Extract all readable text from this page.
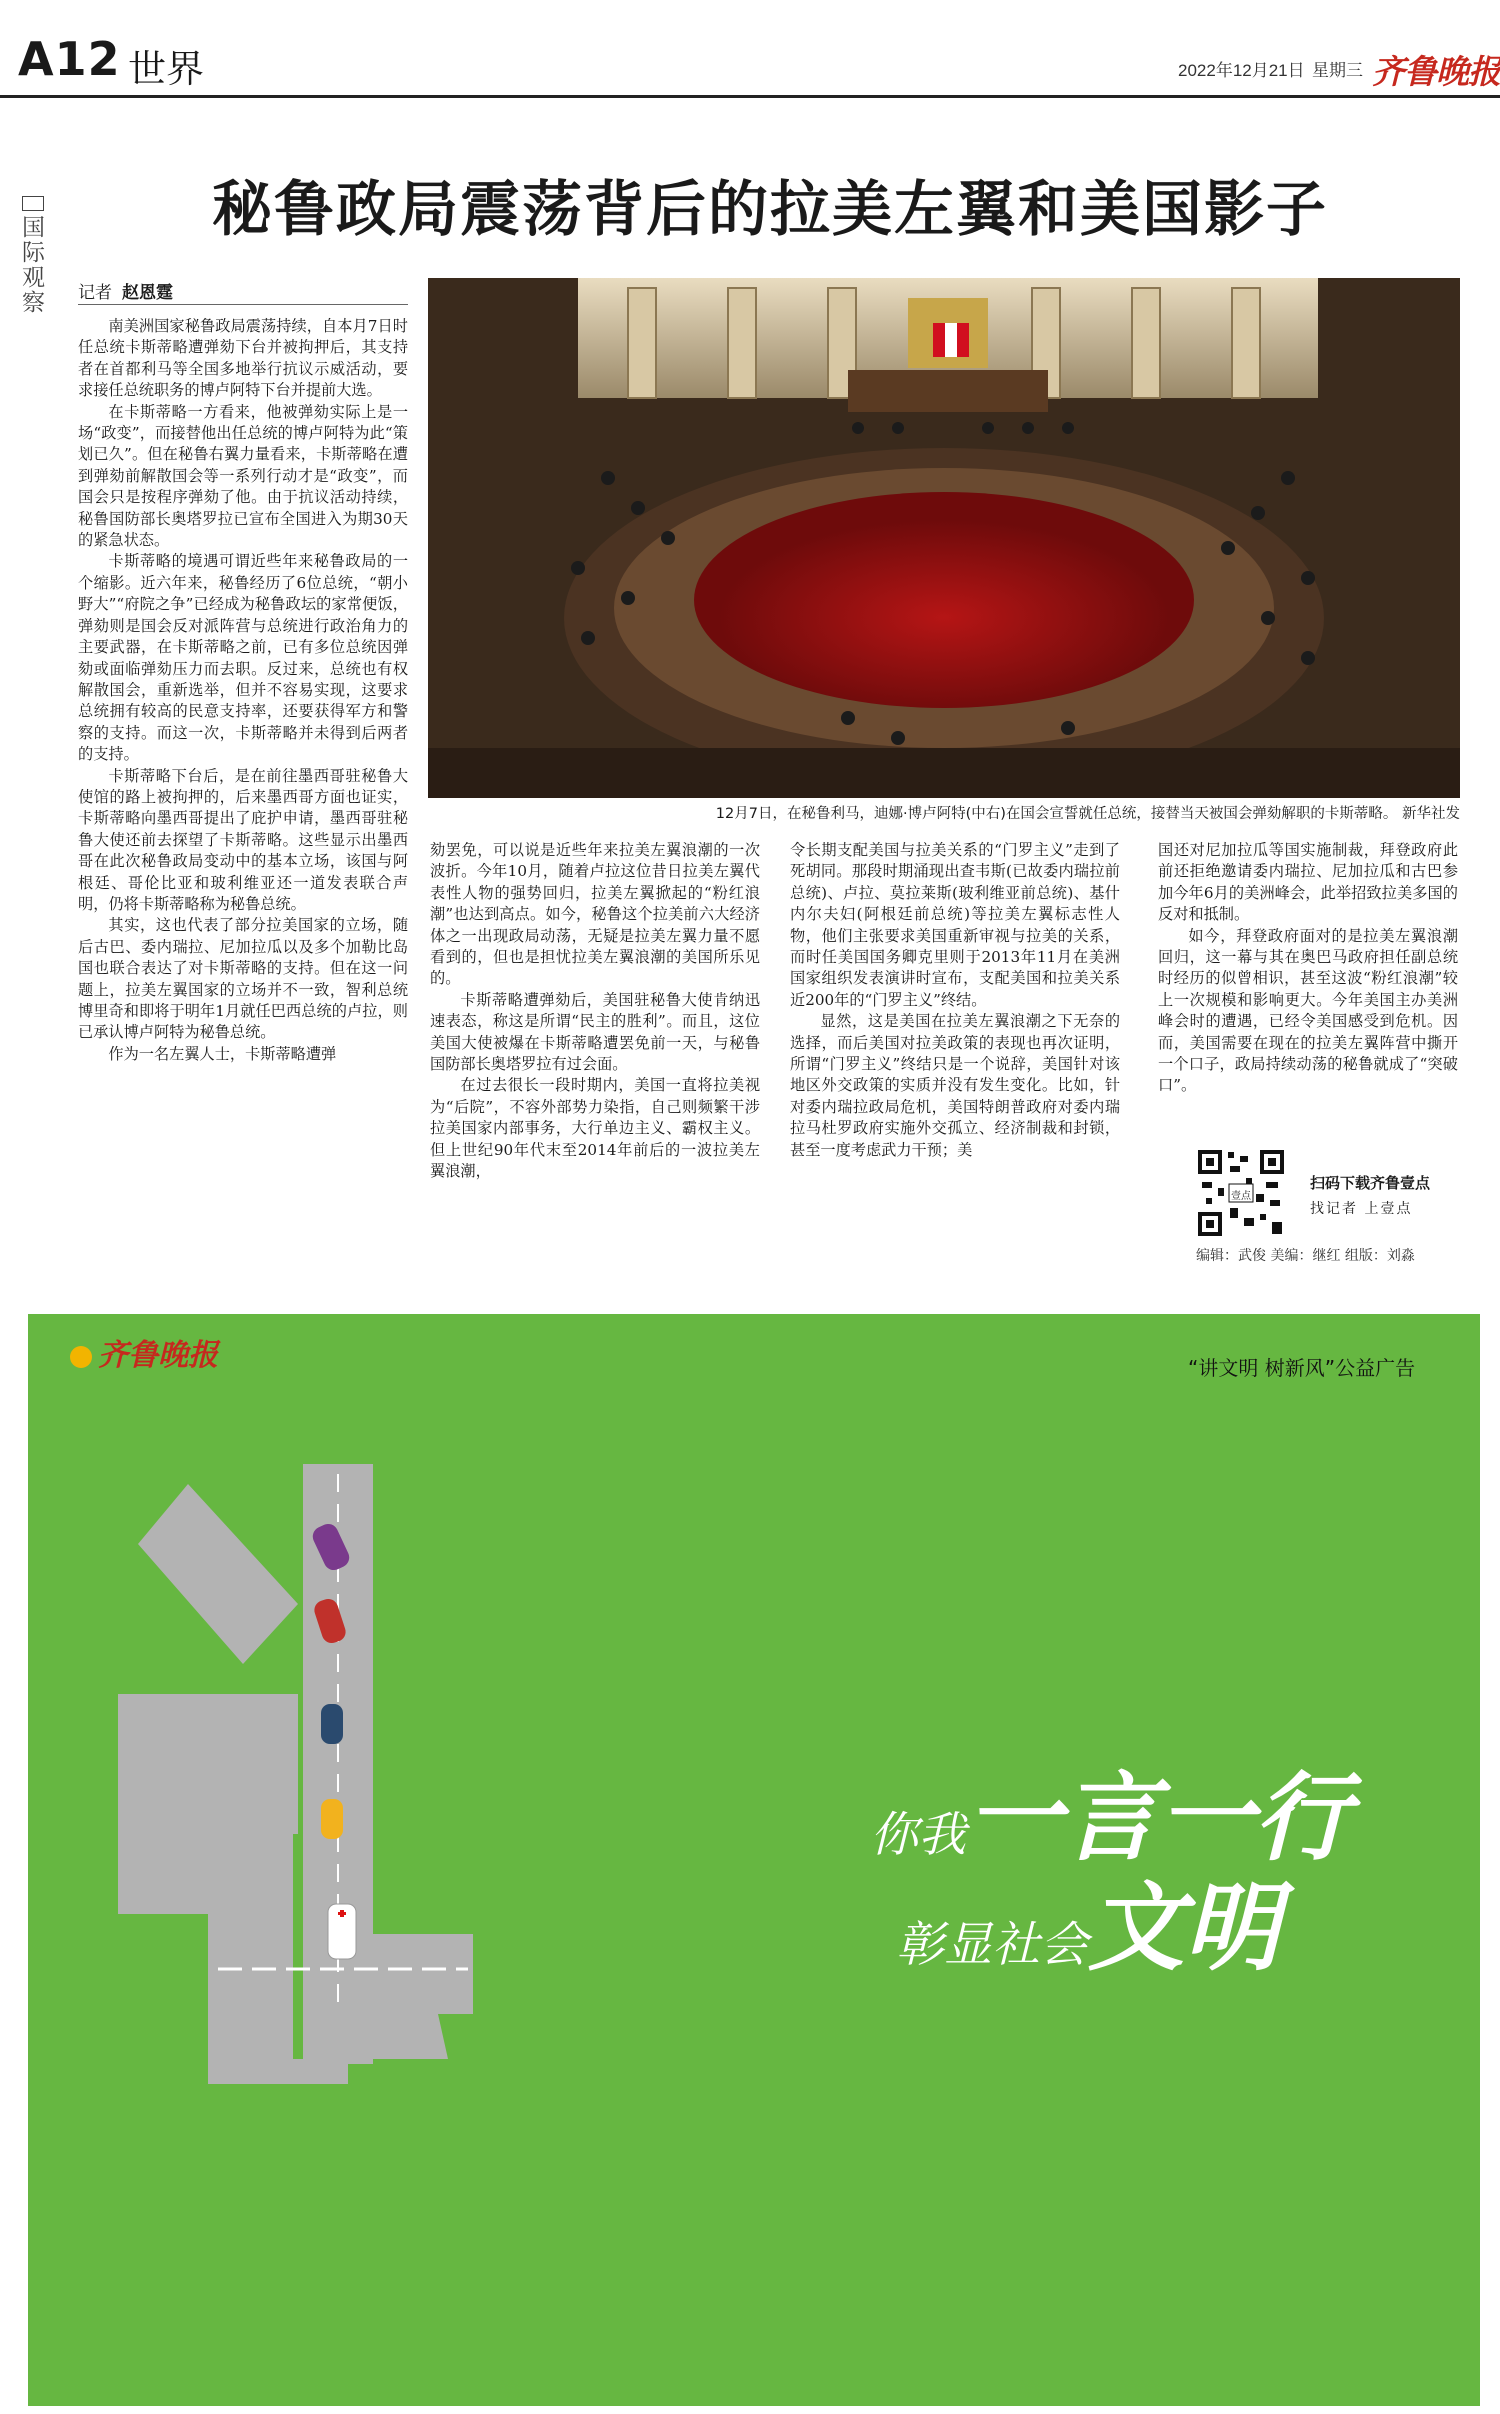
A12 世界	2022年12月21日 星期三 齐鲁晚报
国际观察
秘鲁政局震荡背后的拉美左翼和美国影子
记者 赵恩霆
12月7日，在秘鲁利马，迪娜·博卢阿特(中右)在国会宣誓就任总统，接替当天被国会弹劾解职的卡斯蒂略。 新华社发

南美洲国家秘鲁政局震荡持续，自本月7日时任总统卡斯蒂略遭弹劾下台并被拘押后，其支持者在首都利马等全国多地举行抗议示威活动，要求接任总统职务的博卢阿特下台并提前大选。

在卡斯蒂略一方看来，他被弹劾实际上是一场“政变”，而接替他出任总统的博卢阿特为此“策划已久”。但在秘鲁右翼力量看来，卡斯蒂略在遭到弹劾前解散国会等一系列行动才是“政变”，而国会只是按程序弹劾了他。由于抗议活动持续，秘鲁国防部长奥塔罗拉已宣布全国进入为期30天的紧急状态。

卡斯蒂略的境遇可谓近些年来秘鲁政局的一个缩影。近六年来，秘鲁经历了6位总统，“朝小野大”“府院之争”已经成为秘鲁政坛的家常便饭，弹劾则是国会反对派阵营与总统进行政治角力的主要武器，在卡斯蒂略之前，已有多位总统因弹劾或面临弹劾压力而去职。反过来，总统也有权解散国会，重新选举，但并不容易实现，这要求总统拥有较高的民意支持率，还要获得军方和警察的支持。而这一次，卡斯蒂略并未得到后两者的支持。

卡斯蒂略下台后，是在前往墨西哥驻秘鲁大使馆的路上被拘押的，后来墨西哥方面也证实，卡斯蒂略向墨西哥提出了庇护申请，墨西哥驻秘鲁大使还前去探望了卡斯蒂略。这些显示出墨西哥在此次秘鲁政局变动中的基本立场，该国与阿根廷、哥伦比亚和玻利维亚还一道发表联合声明，仍将卡斯蒂略称为秘鲁总统。

其实，这也代表了部分拉美国家的立场，随后古巴、委内瑞拉、尼加拉瓜以及多个加勒比岛国也联合表达了对卡斯蒂略的支持。但在这一问题上，拉美左翼国家的立场并不一致，智利总统博里奇和即将于明年1月就任巴西总统的卢拉，则已承认博卢阿特为秘鲁总统。

作为一名左翼人士，卡斯蒂略遭弹

劾罢免，可以说是近些年来拉美左翼浪潮的一次波折。今年10月，随着卢拉这位昔日拉美左翼代表性人物的强势回归，拉美左翼掀起的“粉红浪潮”也达到高点。如今，秘鲁这个拉美前六大经济体之一出现政局动荡，无疑是拉美左翼力量不愿看到的，但也是担忧拉美左翼浪潮的美国所乐见的。

卡斯蒂略遭弹劾后，美国驻秘鲁大使肯纳迅速表态，称这是所谓“民主的胜利”。而且，这位美国大使被爆在卡斯蒂略遭罢免前一天，与秘鲁国防部长奥塔罗拉有过会面。

在过去很长一段时期内，美国一直将拉美视为“后院”，不容外部势力染指，自己则频繁干涉拉美国家内部事务，大行单边主义、霸权主义。但上世纪90年代末至2014年前后的一波拉美左翼浪潮，

令长期支配美国与拉美关系的“门罗主义”走到了死胡同。那段时期涌现出查韦斯(已故委内瑞拉前总统)、卢拉、莫拉莱斯(玻利维亚前总统)、基什内尔夫妇(阿根廷前总统)等拉美左翼标志性人物，他们主张要求美国重新审视与拉美的关系，而时任美国国务卿克里则于2013年11月在美洲国家组织发表演讲时宣布，支配美国和拉美关系近200年的“门罗主义”终结。

显然，这是美国在拉美左翼浪潮之下无奈的选择，而后美国对拉美政策的表现也再次证明，所谓“门罗主义”终结只是一个说辞，美国针对该地区外交政策的实质并没有发生变化。比如，针对委内瑞拉政局危机，美国特朗普政府对委内瑞拉马杜罗政府实施外交孤立、经济制裁和封锁，甚至一度考虑武力干预；美

国还对尼加拉瓜等国实施制裁，拜登政府此前还拒绝邀请委内瑞拉、尼加拉瓜和古巴参加今年6月的美洲峰会，此举招致拉美多国的反对和抵制。

如今，拜登政府面对的是拉美左翼浪潮回归，这一幕与其在奥巴马政府担任副总统时经历的似曾相识，甚至这波“粉红浪潮”较上一次规模和影响更大。今年美国主办美洲峰会时的遭遇，已经令美国感受到危机。因而，美国需要在现在的拉美左翼阵营中撕开一个口子，政局持续动荡的秘鲁就成了“突破口”。

壹点
扫码下载齐鲁壹点
找记者 上壹点
编辑：武俊 美编：继红 组版：刘淼
齐鲁晚报	“讲文明 树新风”公益广告
你我一言一行
彰显社会文明
